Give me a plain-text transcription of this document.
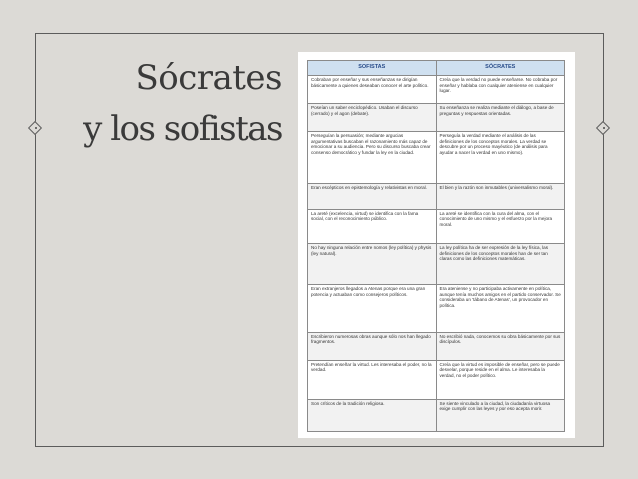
Sócrates
y los sofistas
SOFISTAS	SÓCRATES
Cobraban por enseñar y sus enseñanzas se dirigían básicamente a quienes deseaban conocer el arte político.	Creía que la verdad no puede enseñarse. No cobraba por enseñar y hablaba con cualquier ateniense en cualquier lugar.
Poseían un saber enciclopédico. Usaban el discurso (cerrado) y el agon (debate).	Su enseñanza se realiza mediante el diálogo, a base de preguntas y respuestas orientadas.
Perseguían la persuasión; mediante argucias argumentativas buscaban el razonamiento más capaz de emocionar a su audiencia. Pero su discurso buscaba crear consenso democrático y fundar la ley en la ciudad.	Perseguía la verdad mediante el análisis de las definiciones de los conceptos morales. La verdad se descubre por un proceso mayéutico (de análisis para ayudar a nacer la verdad en uno mismo).
Eran escépticos en epistemología y relativistas en moral.	El bien y la razón son inmutables (universalismo moral).
La areté (excelencia, virtud) se identifica con la fama social, con el reconocimiento público.	La areté se identifica con la cura del alma, con el conocimiento de uno mismo y el esfuerzo por la mejora moral.
No hay ninguna relación entre nomos (ley política) y physis (ley natural).	La ley política ha de ser expresión de la ley física, las definiciones de los conceptos morales han de ser tan claras como las definiciones matemáticas.
Eran extranjeros llegados a Atenas porque era una gran potencia y actuaban como consejeros políticos.	Era ateniense y no participaba activamente en política, aunque tenía muchos amigos en el partido conservador. Se consideraba un 'tábano de Atenas', un provocador en política.
Escribieron numerosas obras aunque sólo nos han llegado fragmentos.	No escribió nada, conocemos su obra básicamente por sus discípulos.
Pretendían enseñar la virtud. Les interesaba el poder, no la verdad.	Creía que la virtud es imposible de enseñar, pero se puede desvelar, porque reside en el alma. Le interesaba la verdad, no el poder político.
Son críticos de la tradición religiosa.	Se siente vinculado a la ciudad, la ciudadanía virtuosa exige cumplir con las leyes y por eso acepta morir.
